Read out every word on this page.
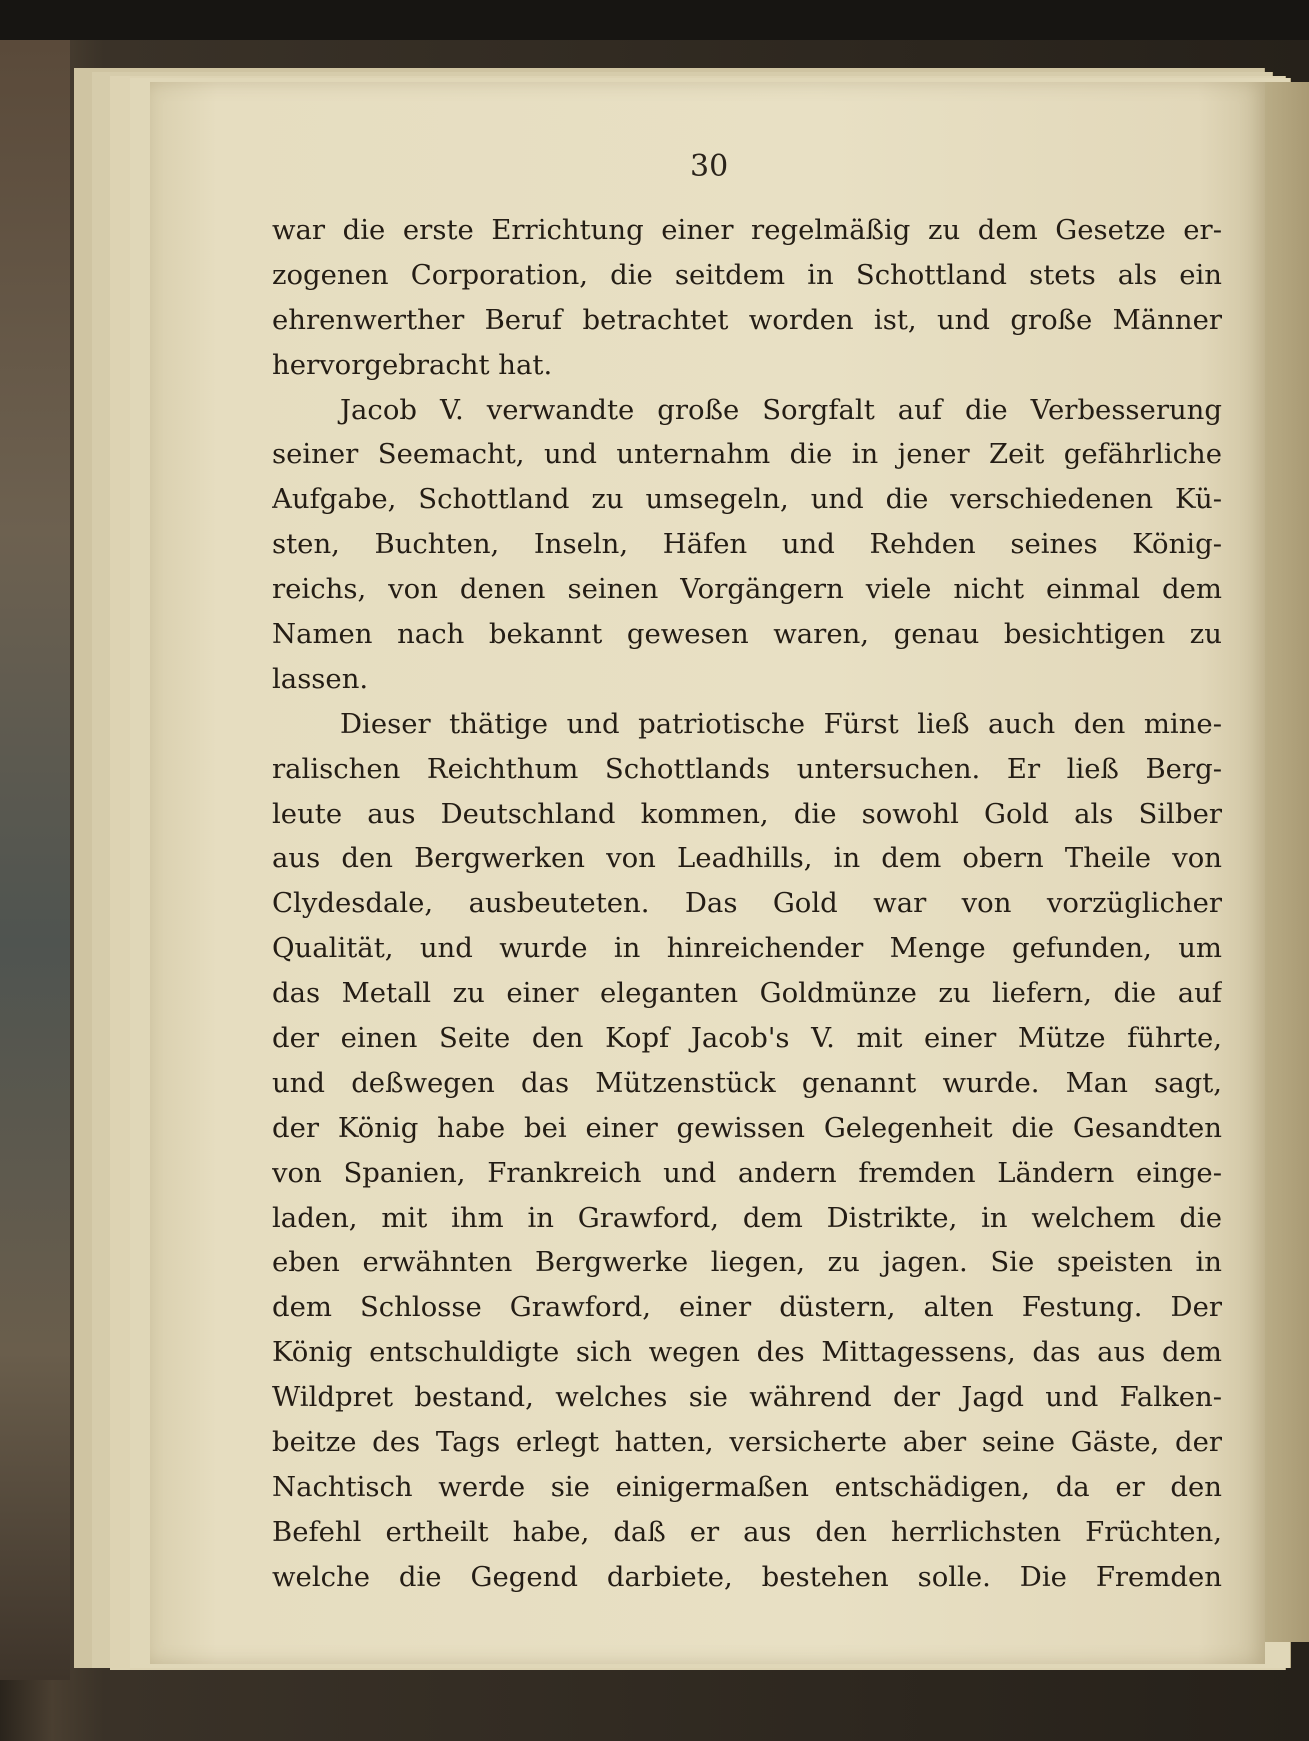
30
war die erste Errichtung einer regelmäßig zu dem Gesetze er-
zogenen Corporation, die seitdem in Schottland stets als ein
ehrenwerther Beruf betrachtet worden ist, und große Männer
hervorgebracht hat.
Jacob V. verwandte große Sorgfalt auf die Verbesserung
seiner Seemacht, und unternahm die in jener Zeit gefährliche
Aufgabe, Schottland zu umsegeln, und die verschiedenen Kü-
sten, Buchten, Inseln, Häfen und Rehden seines König-
reichs, von denen seinen Vorgängern viele nicht einmal dem
Namen nach bekannt gewesen waren, genau besichtigen zu
lassen.
Dieser thätige und patriotische Fürst ließ auch den mine-
ralischen Reichthum Schottlands untersuchen. Er ließ Berg-
leute aus Deutschland kommen, die sowohl Gold als Silber
aus den Bergwerken von Leadhills, in dem obern Theile von
Clydesdale, ausbeuteten. Das Gold war von vorzüglicher
Qualität, und wurde in hinreichender Menge gefunden, um
das Metall zu einer eleganten Goldmünze zu liefern, die auf
der einen Seite den Kopf Jacob's V. mit einer Mütze führte,
und deßwegen das Mützenstück genannt wurde. Man sagt,
der König habe bei einer gewissen Gelegenheit die Gesandten
von Spanien, Frankreich und andern fremden Ländern einge-
laden, mit ihm in Grawford, dem Distrikte, in welchem die
eben erwähnten Bergwerke liegen, zu jagen. Sie speisten in
dem Schlosse Grawford, einer düstern, alten Festung. Der
König entschuldigte sich wegen des Mittagessens, das aus dem
Wildpret bestand, welches sie während der Jagd und Falken-
beitze des Tags erlegt hatten, versicherte aber seine Gäste, der
Nachtisch werde sie einigermaßen entschädigen, da er den
Befehl ertheilt habe, daß er aus den herrlichsten Früchten,
welche die Gegend darbiete, bestehen solle. Die Fremden
